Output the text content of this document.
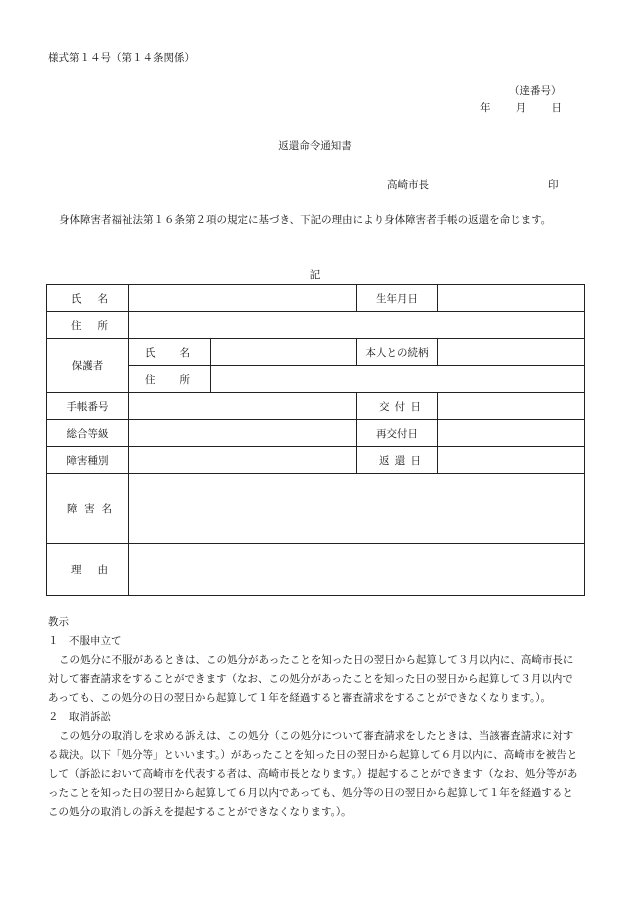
様式第１４号（第１４条関係）
（逹番号）
年 月 日
返還命令通知書
高崎市長	印
身体障害者福祉法第１６条第２項の規定に基づき、下記の理由により身体障害者手帳の返還を命じます。
記
氏 名			生年月日	

住 所				

保護者	氏 名		本人との続柄	

	住 所			

手帳番号			交 付 日	

総合等級			再交付日	
障害種別			返 還 日	

障 害 名				

理 由				

教示

１　不服申立て

この処分に不服があるときは、この処分があったことを知った日の翌日から起算して３月以内に、高崎市長に対して審査請求をすることができます（なお、この処分があったことを知った日の翌日から起算して３月以内であっても、この処分の日の翌日から起算して１年を経過すると審査請求をすることができなくなります。）。

２　取消訴訟

この処分の取消しを求める訴えは、この処分（この処分について審査請求をしたときは、当該審査請求に対する裁決。以下「処分等」といいます。）があったことを知った日の翌日から起算して６月以内に、高崎市を被告として（訴訟において高崎市を代表する者は、高崎市長となります。）提起することができます（なお、処分等があったことを知った日の翌日から起算して６月以内であっても、処分等の日の翌日から起算して１年を経過するとこの処分の取消しの訴えを提起することができなくなります。）。
